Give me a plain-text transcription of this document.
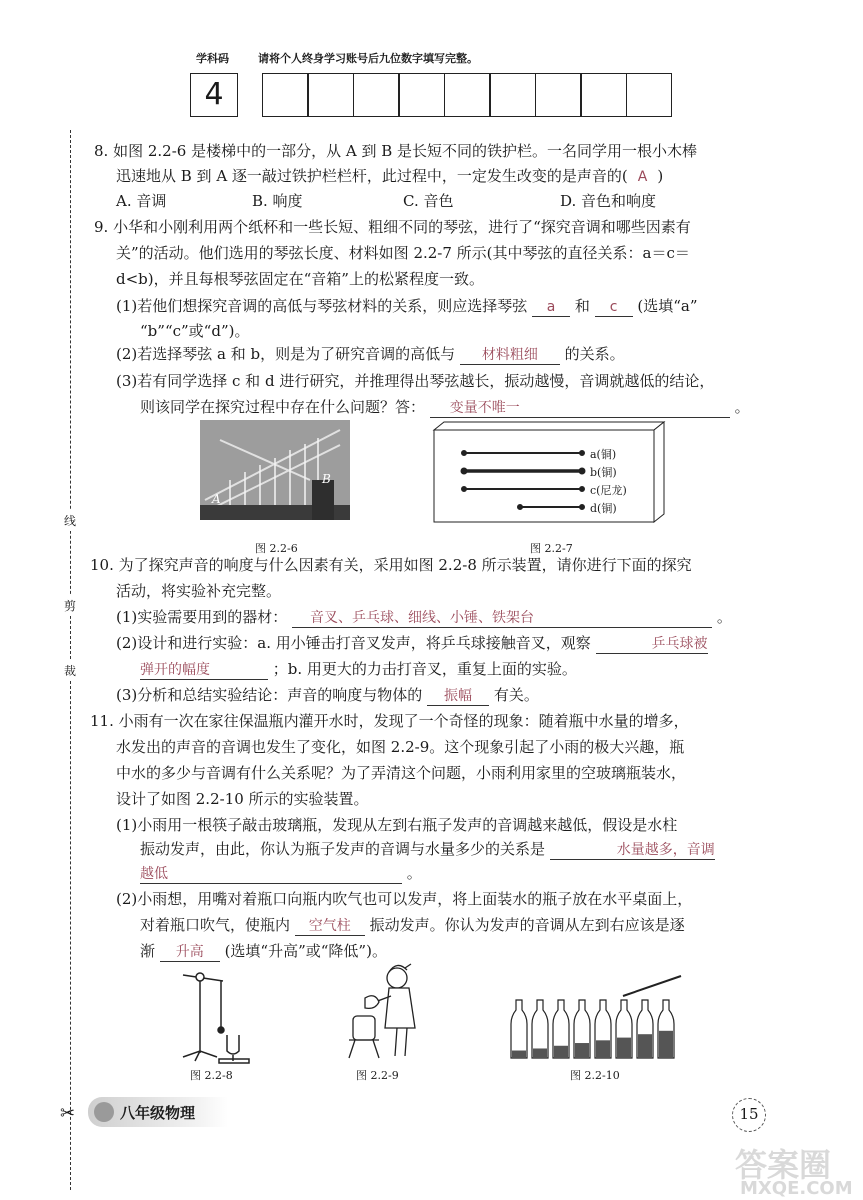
学科码	请将个人终身学习账号后九位数字填写完整。
4
线
剪
裁
✂
8. 如图 2.2-6 是楼梯中的一部分，从 A 到 B 是长短不同的铁护栏。一名同学用一根小木棒
迅速地从 B 到 A 逐一敲过铁护栏栏杆，此过程中，一定发生改变的是声音的( A )
A. 音调	B. 响度	C. 音色	D. 音色和响度
9. 小华和小刚利用两个纸杯和一些长短、粗细不同的琴弦，进行了“探究音调和哪些因素有
关”的活动。他们选用的琴弦长度、材料如图 2.2-7 所示(其中琴弦的直径关系：a＝c＝
d<b)，并且每根琴弦固定在“音箱”上的松紧程度一致。
(1)若他们想探究音调的高低与琴弦材料的关系，则应选择琴弦 a 和 c (选填“a”
“b”“c”或“d”)。
(2)若选择琴弦 a 和 b，则是为了研究音调的高低与 材料粗细 的关系。
(3)若有同学选择 c 和 d 进行研究，并推理得出琴弦越长，振动越慢，音调就越低的结论，
则该同学在探究过程中存在什么问题？答： 变量不唯一	。
A
B
图 2.2-6
a(铜)
b(铜)
c(尼龙)
d(铜)
图 2.2-7
10. 为了探究声音的响度与什么因素有关，采用如图 2.2-8 所示装置，请你进行下面的探究
活动，将实验补充完整。
(1)实验需要用到的器材： 音叉、乒乓球、细线、小锤、铁架台	。
(2)设计和进行实验：a. 用小锤击打音叉发声，将乒乓球接触音叉，观察	乒乓球被
弹开的幅度	；b. 用更大的力击打音叉，重复上面的实验。
(3)分析和总结实验结论：声音的响度与物体的 振幅 有关。
11. 小雨有一次在家往保温瓶内灌开水时，发现了一个奇怪的现象：随着瓶中水量的增多，
水发出的声音的音调也发生了变化，如图 2.2-9。这个现象引起了小雨的极大兴趣，瓶
中水的多少与音调有什么关系呢？为了弄清这个问题，小雨利用家里的空玻璃瓶装水，
设计了如图 2.2-10 所示的实验装置。
(1)小雨用一根筷子敲击玻璃瓶，发现从左到右瓶子发声的音调越来越低，假设是水柱
振动发声，由此，你认为瓶子发声的音调与水量多少的关系是	水量越多，音调
越低	。
(2)小雨想，用嘴对着瓶口向瓶内吹气也可以发声，将上面装水的瓶子放在水平桌面上，
对着瓶口吹气，使瓶内 空气柱 振动发声。你认为发声的音调从左到右应该是逐
渐 升高 (选填“升高”或“降低”)。
图 2.2-8	图 2.2-9	图 2.2-10
八年级物理	15
答案圈
MXQE.COM
